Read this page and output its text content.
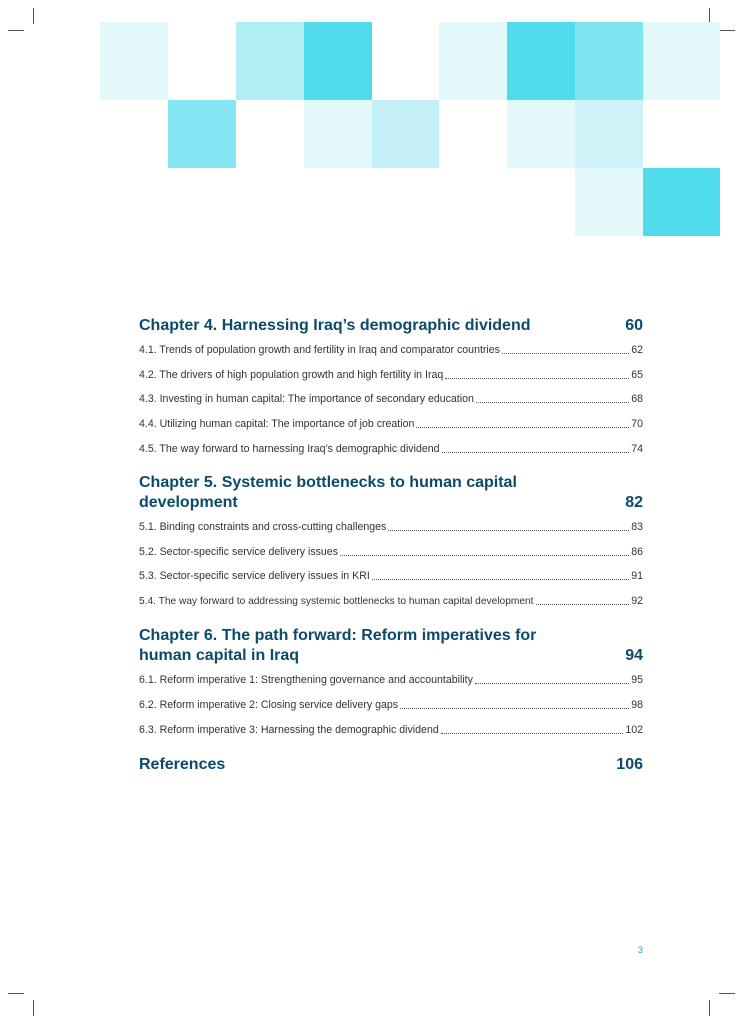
Chapter 4. Harnessing Iraq’s demographic dividend	60
4.1. Trends of population growth and fertility in Iraq and comparator countries	62
4.2. The drivers of high population growth and high fertility in Iraq	65
4.3. Investing in human capital: The importance of secondary education	68
4.4. Utilizing human capital: The importance of job creation	70
4.5. The way forward to harnessing Iraq’s demographic dividend	74
Chapter 5. Systemic bottlenecks to human capital development	82
5.1. Binding constraints and cross-cutting challenges	83
5.2. Sector-specific service delivery issues	86
5.3. Sector-specific service delivery issues in KRI	91
5.4. The way forward to addressing systemic bottlenecks to human capital development	92
Chapter 6. The path forward: Reform imperatives for human capital in Iraq	94
6.1. Reform imperative 1: Strengthening governance and accountability	95
6.2. Reform imperative 2: Closing service delivery gaps	98
6.3. Reform imperative 3: Harnessing the demographic dividend	102
References	106
3
